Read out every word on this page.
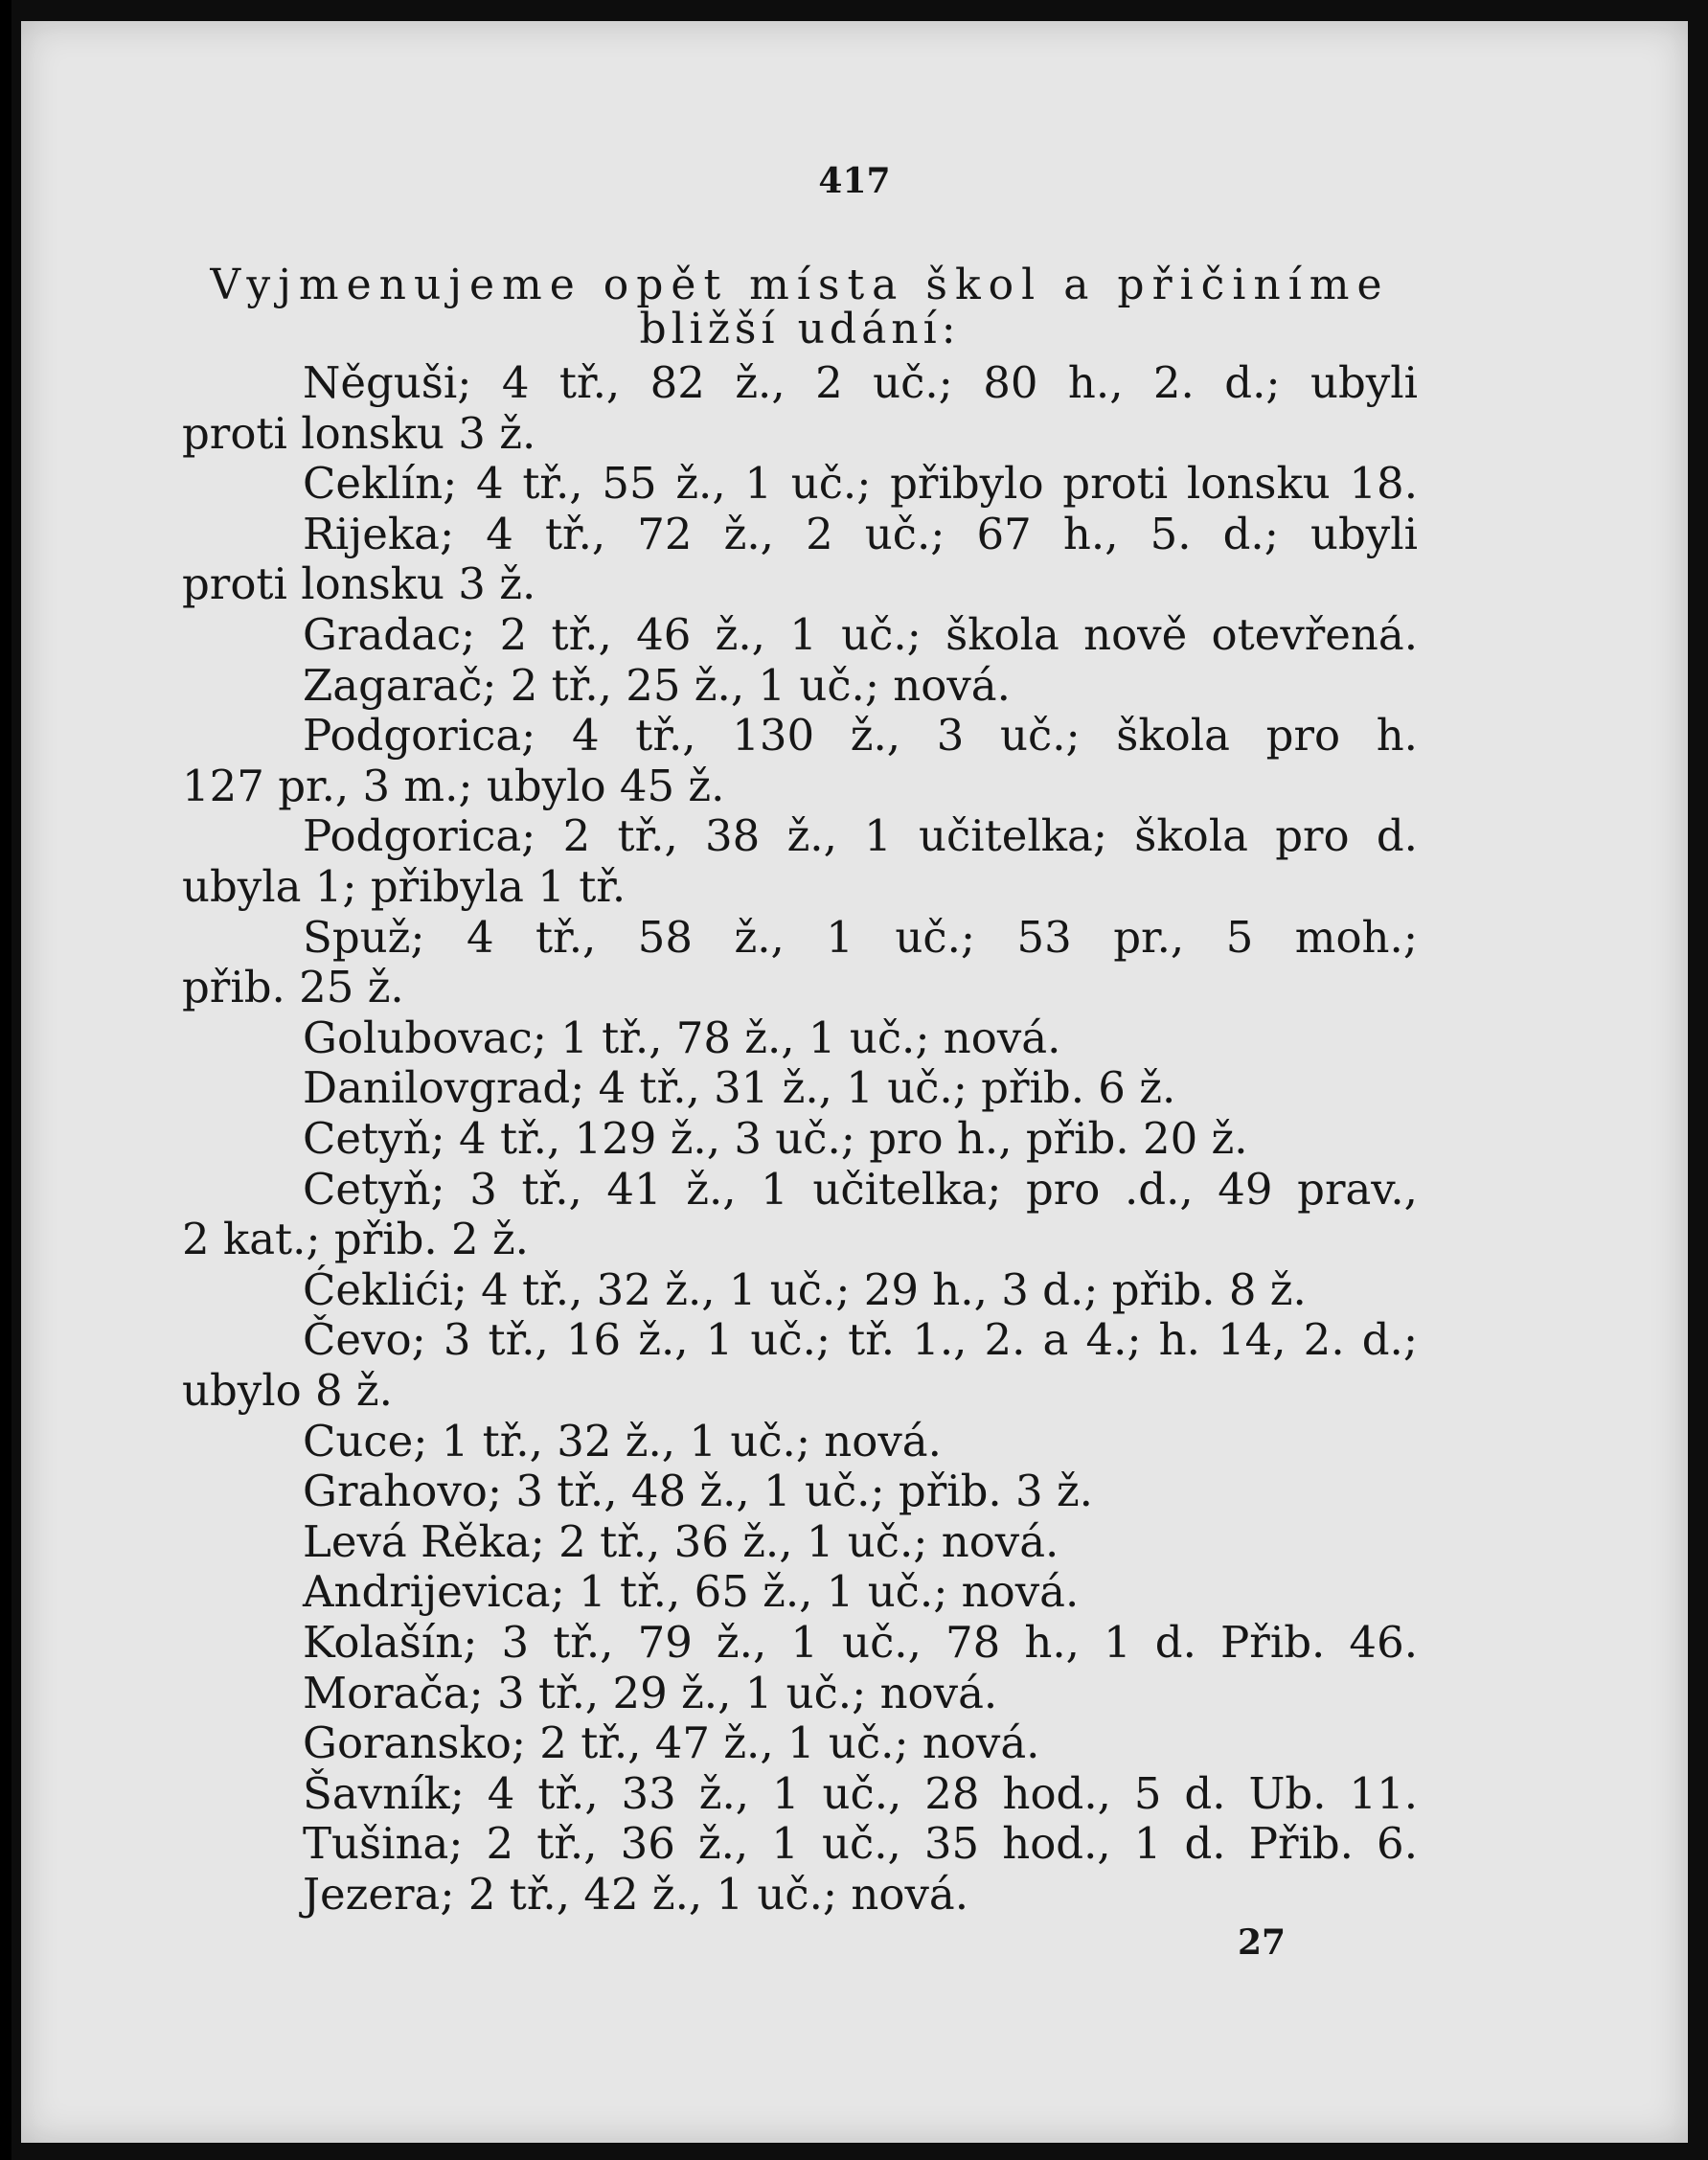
417
Vyjmenujeme opět místa škol a přičiníme
bližší udání:
Něguši; 4 tř., 82 ž., 2 uč.; 80 h., 2. d.; ubyli
proti lonsku 3 ž.
Ceklín; 4 tř., 55 ž., 1 uč.; přibylo proti lonsku 18.
Rijeka; 4 tř., 72 ž., 2 uč.; 67 h., 5. d.; ubyli
proti lonsku 3 ž.
Gradac; 2 tř., 46 ž., 1 uč.; škola nově otevřená.
Zagarač; 2 tř., 25 ž., 1 uč.; nová.
Podgorica; 4 tř., 130 ž., 3 uč.; škola pro h.
127 pr., 3 m.; ubylo 45 ž.
Podgorica; 2 tř., 38 ž., 1 učitelka; škola pro d.
ubyla 1; přibyla 1 tř.
Spuž; 4 tř., 58 ž., 1 uč.; 53 pr., 5 moh.;
přib. 25 ž.
Golubovac; 1 tř., 78 ž., 1 uč.; nová.
Danilovgrad; 4 tř., 31 ž., 1 uč.; přib. 6 ž.
Cetyň; 4 tř., 129 ž., 3 uč.; pro h., přib. 20 ž.
Cetyň; 3 tř., 41 ž., 1 učitelka; pro .d., 49 prav.,
2 kat.; přib. 2 ž.
Ćeklići; 4 tř., 32 ž., 1 uč.; 29 h., 3 d.; přib. 8 ž.
Čevo; 3 tř., 16 ž., 1 uč.; tř. 1., 2. a 4.; h. 14, 2. d.;
ubylo 8 ž.
Cuce; 1 tř., 32 ž., 1 uč.; nová.
Grahovo; 3 tř., 48 ž., 1 uč.; přib. 3 ž.
Levá Rěka; 2 tř., 36 ž., 1 uč.; nová.
Andrijevica; 1 tř., 65 ž., 1 uč.; nová.
Kolašín; 3 tř., 79 ž., 1 uč., 78 h., 1 d. Přib. 46.
Morača; 3 tř., 29 ž., 1 uč.; nová.
Goransko; 2 tř., 47 ž., 1 uč.; nová.
Šavník; 4 tř., 33 ž., 1 uč., 28 hod., 5 d. Ub. 11.
Tušina; 2 tř., 36 ž., 1 uč., 35 hod., 1 d. Přib. 6.
Jezera; 2 tř., 42 ž., 1 uč.; nová.
27
